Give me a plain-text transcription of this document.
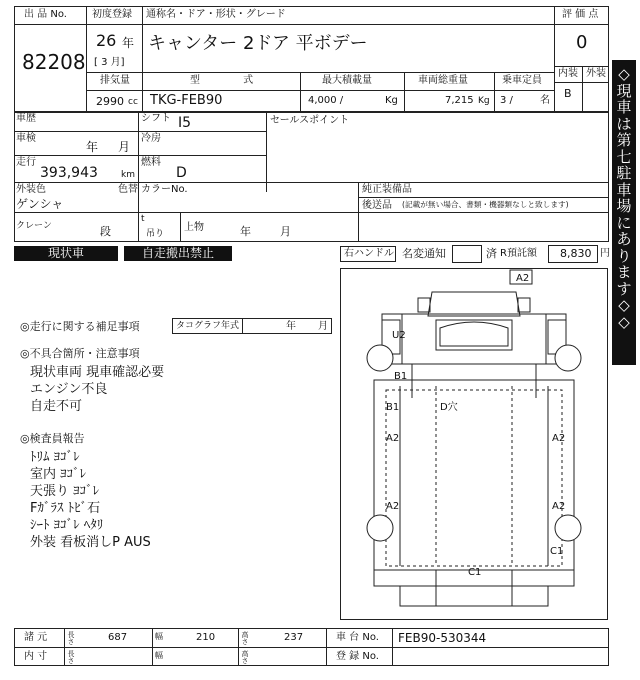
出 品 No.
82208
初度登録
26 年
[ 3 月]
通称名・ドア・形状・グレード
キャンター 2ドア 平ボデー
評 価 点
0
内装 外装
B
排気量
2990 cc
型 式
TKG-FEB90
最大積載量
4,000 /	Kg
車両総重量
7,215 Kg
乗車定員
3 /	名
車歴	シフト I5	セールスポイント
車検
年 月
冷房
走行
393,943	km
燃料
D
外装色
ゲンシャ
色替 カラーNo.	純正装備品
後送品 (記載が無い場合、書類・機器類なしと致します)
クレーン	段
t
吊り
上物	年	月
現状車	自走搬出禁止	右ハンドル 名変通知	済 R預託額 8,830 円
◇
現
車
は
第
七
駐
車
場
に
あ
り
ま
す
◇
◇
◎走行に関する補足事項	タコグラフ年式	年 月
◎不具合箇所・注意事項
現状車両 現車確認必要
エンジン不良
自走不可
◎検査員報告
ﾄﾘﾑ ﾖｺﾞﾚ
室内 ﾖｺﾞﾚ
天張り ﾖｺﾞﾚ
Fｶﾞﾗｽ ﾄﾋﾞ石
ｼｰﾄ ﾖｺﾞﾚ ﾍﾀﾘ
外装 看板消しP AUS
A2
U2
B1
B1	D穴
A2	A2
A2	A2
C1
C1
諸 元	長さ	687	幅	210	高さ	237	車 台 No. FEB90-530344
内 寸	長さ	幅	高さ	登 録 No.
